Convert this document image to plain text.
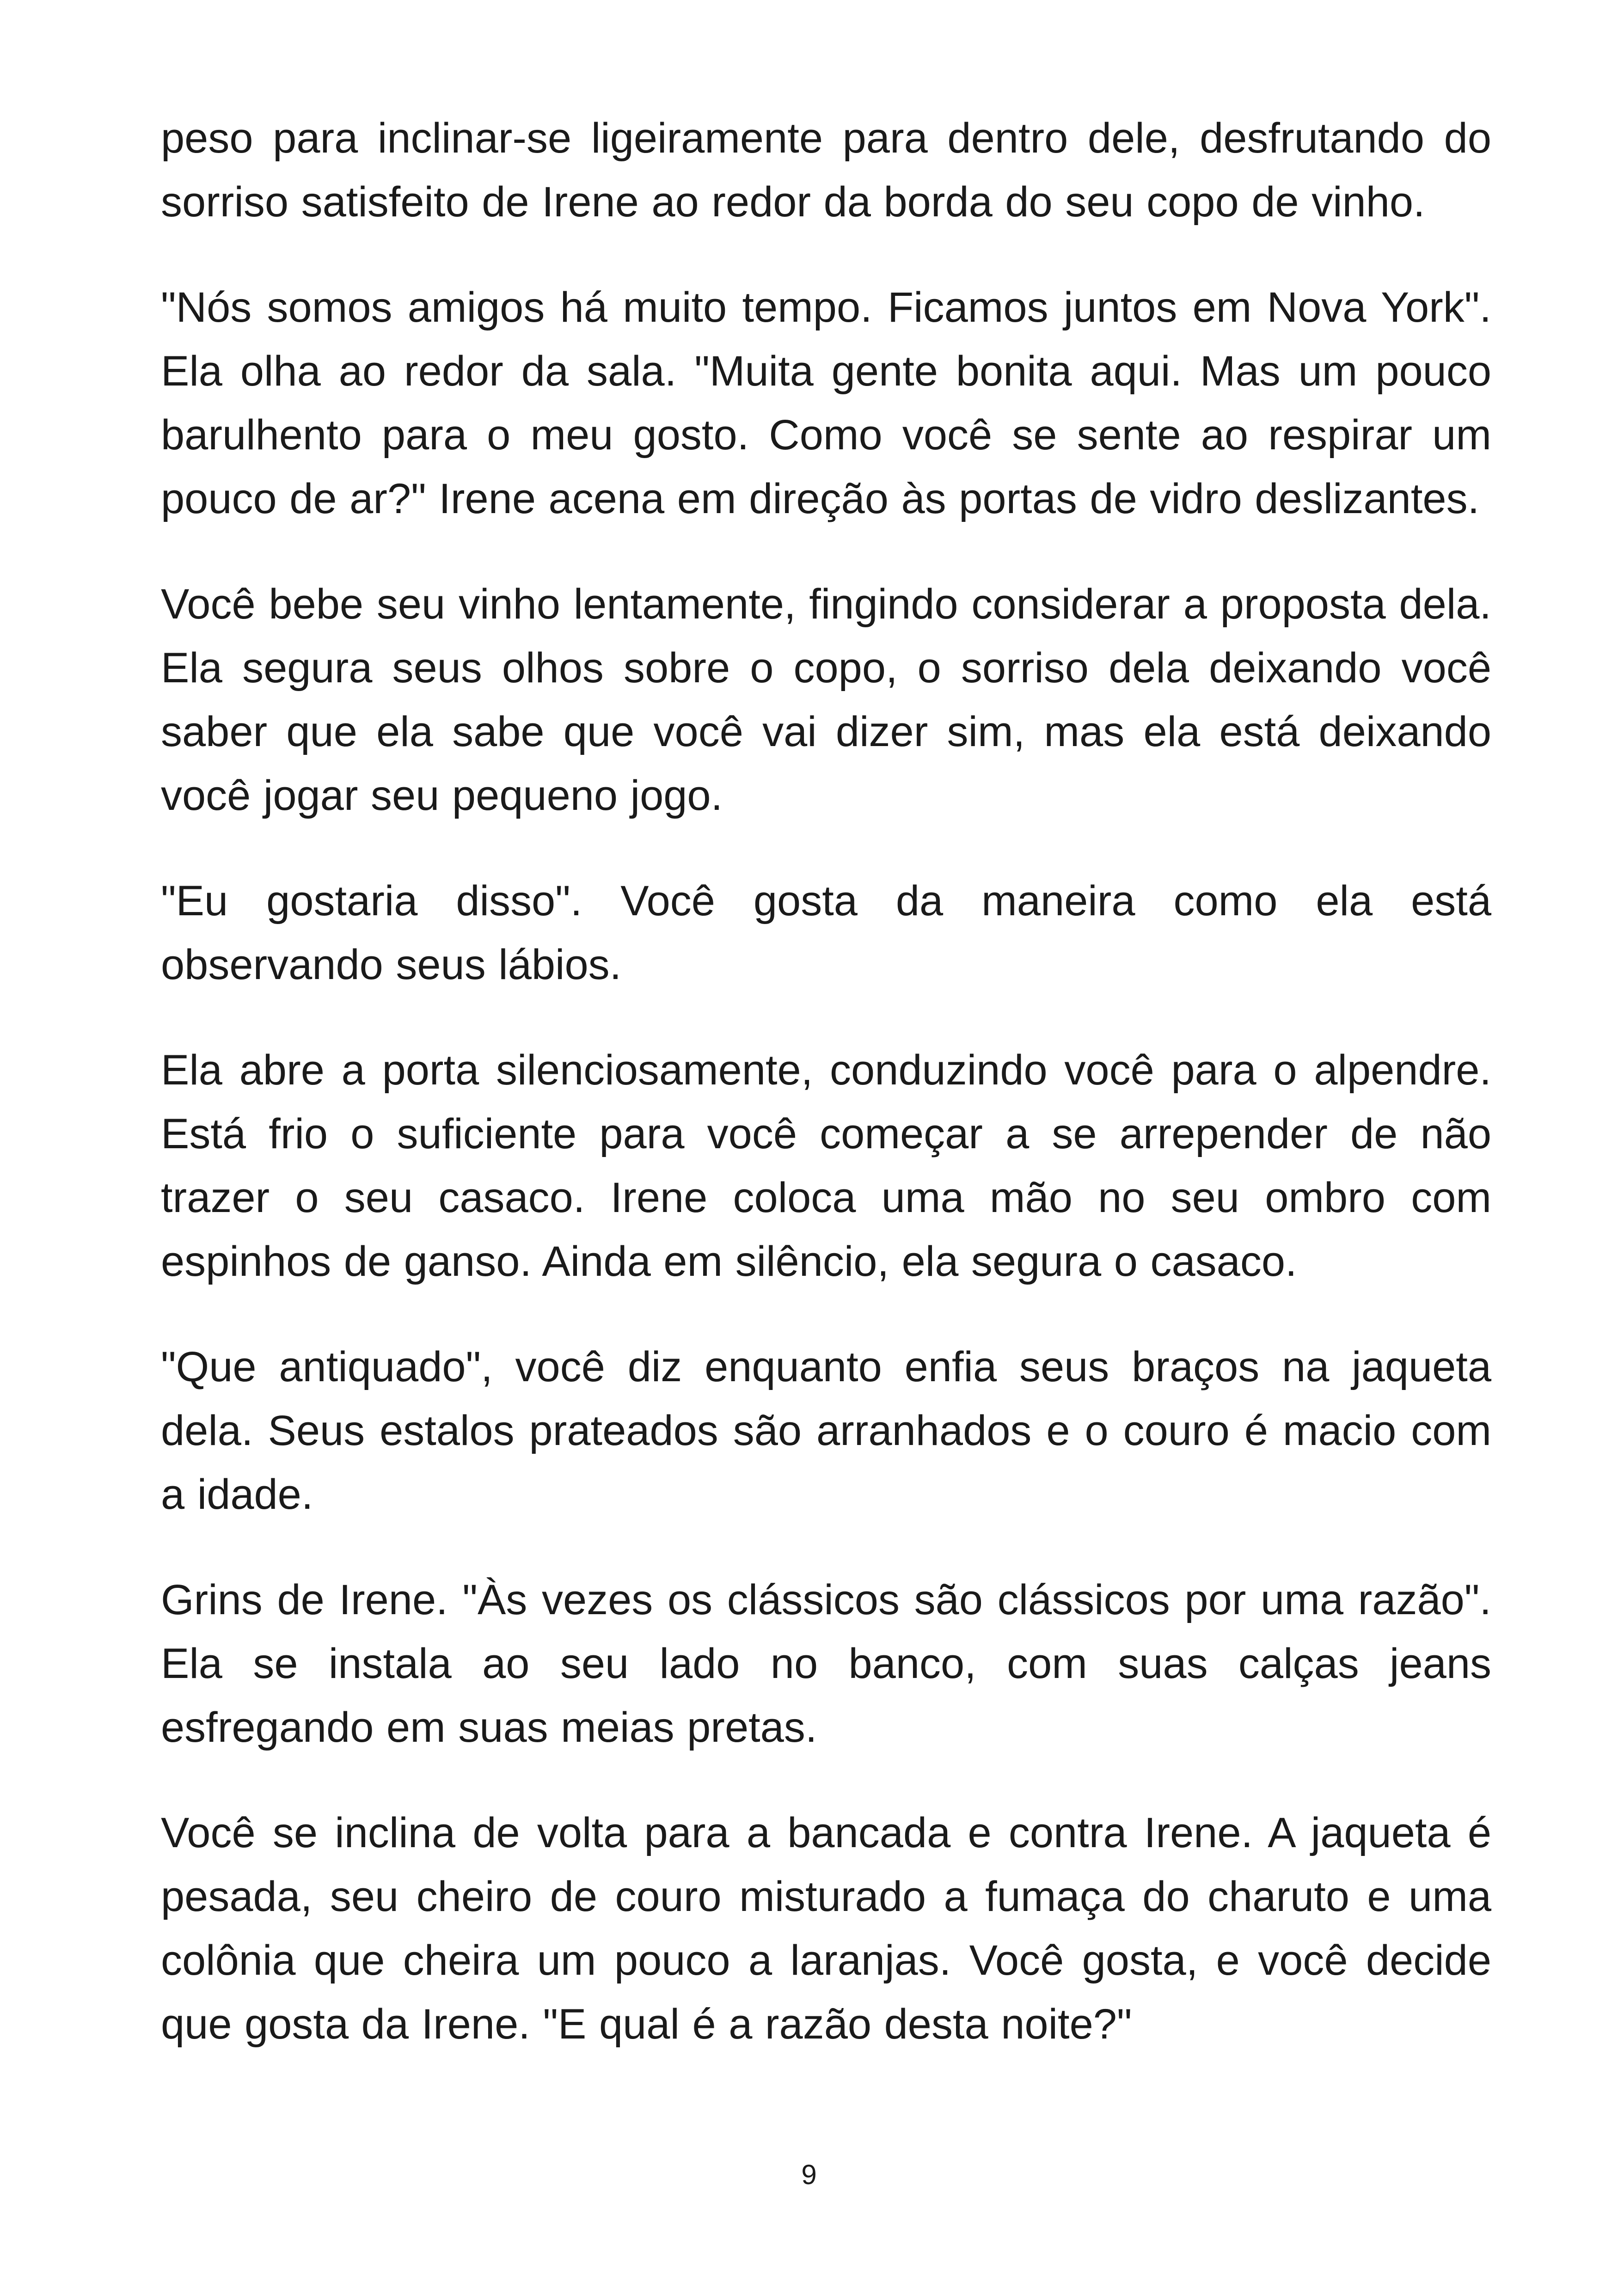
peso para inclinar-se ligeiramente para dentro dele, desfrutando do sorriso satisfeito de Irene ao redor da borda do seu copo de vinho.

"Nós somos amigos há muito tempo. Ficamos juntos em Nova York". Ela olha ao redor da sala. "Muita gente bonita aqui. Mas um pouco barulhento para o meu gosto. Como você se sente ao respirar um pouco de ar?" Irene acena em direção às portas de vidro deslizantes.

Você bebe seu vinho lentamente, fingindo considerar a proposta dela. Ela segura seus olhos sobre o copo, o sorriso dela deixando você saber que ela sabe que você vai dizer sim, mas ela está deixando você jogar seu pequeno jogo.

"Eu gostaria disso". Você gosta da maneira como ela está observando seus lábios.

Ela abre a porta silenciosamente, conduzindo você para o alpendre. Está frio o suficiente para você começar a se arrepender de não trazer o seu casaco. Irene coloca uma mão no seu ombro com espinhos de ganso. Ainda em silêncio, ela segura o casaco.

"Que antiquado", você diz enquanto enfia seus braços na jaqueta dela. Seus estalos prateados são arranhados e o couro é macio com a idade.

Grins de Irene. "Às vezes os clássicos são clássicos por uma razão". Ela se instala ao seu lado no banco, com suas calças jeans esfregando em suas meias pretas.

Você se inclina de volta para a bancada e contra Irene. A jaqueta é pesada, seu cheiro de couro misturado a fumaça do charuto e uma colônia que cheira um pouco a laranjas. Você gosta, e você decide que gosta da Irene. "E qual é a razão desta noite?"

9
